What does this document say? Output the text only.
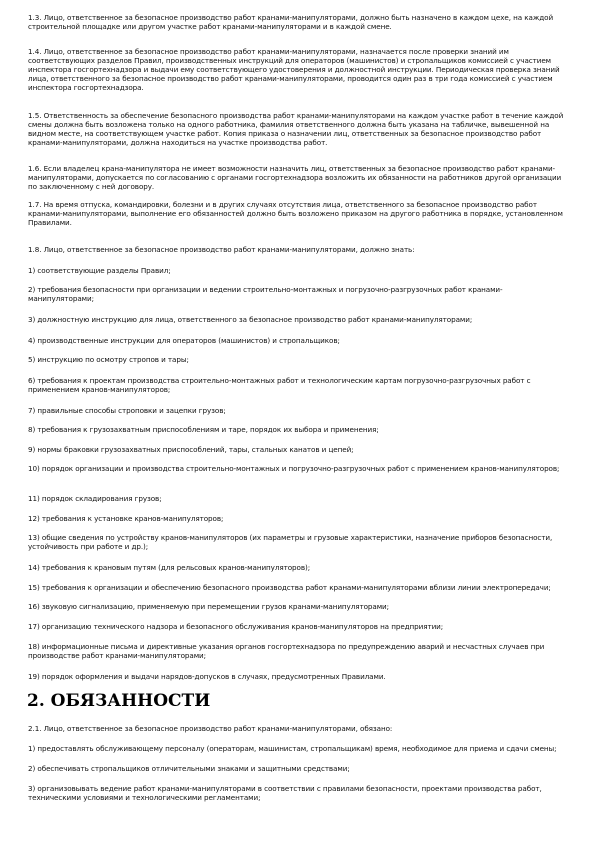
1.3. Лицо, ответственное за безопасное производство работ кранами-манипуляторами, должно быть назначено в каждом цехе, на каждой строительной площадке или другом участке работ кранами-манипуляторами и в каждой смене.

1.4. Лицо, ответственное за безопасное производство работ кранами-манипуляторами, назначается после проверки знаний им соответствующих разделов Правил, производственных инструкций для операторов (машинистов) и стропальщиков комиссией с участием инспектора госгортехнадзора и выдачи ему соответствующего удостоверения и должностной инструкции. Периодическая проверка знаний лица, ответственного за безопасное производство работ кранами-манипуляторами, проводится один раз в три года комиссией с участием инспектора госгортехнадзора.

1.5. Ответственность за обеспечение безопасного производства работ кранами-манипуляторами на каждом участке работ в течение каждой смены должна быть возложена только на одного работника, фамилия ответственного должна быть указана на табличке, вывешенной на видном месте, на соответствующем участке работ. Копия приказа о назначении лиц, ответственных за безопасное производство работ кранами-манипуляторами, должна находиться на участке производства работ.

1.6. Если владелец крана-манипулятора не имеет возможности назначить лиц, ответственных за безопасное производство работ кранами-манипуляторами, допускается по согласованию с органами госгортехнадзора возложить их обязанности на работников другой организации по заключенному с ней договору.

1.7. На время отпуска, командировки, болезни и в других случаях отсутствия лица, ответственного за безопасное производство работ кранами-манипуляторами, выполнение его обязанностей должно быть возложено приказом на другого работника в порядке, установленном Правилами.

1.8. Лицо, ответственное за безопасное производство работ кранами-манипуляторами, должно знать:

1) соответствующие разделы Правил;

2) требования безопасности при организации и ведении строительно-монтажных и погрузочно-разгрузочных работ кранами-манипуляторами;

3) должностную инструкцию для лица, ответственного за безопасное производство работ кранами-манипуляторами;

4) производственные инструкции для операторов (машинистов) и стропальщиков;

5) инструкцию по осмотру стропов и тары;

6) требования к проектам производства строительно-монтажных работ и технологическим картам погрузочно-разгрузочных работ с применением кранов-манипуляторов;

7) правильные способы строповки и зацепки грузов;

8) требования к грузозахватным приспособлениям и таре, порядок их выбора и применения;

9) нормы браковки грузозахватных приспособлений, тары, стальных канатов и цепей;

10) порядок организации и производства строительно-монтажных и погрузочно-разгрузочных работ с применением кранов-манипуляторов;

11) порядок складирования грузов;

12) требования к установке кранов-манипуляторов;

13) общие сведения по устройству кранов-манипуляторов (их параметры и грузовые характеристики, назначение приборов безопасности, устойчивость при работе и др.);

14) требования к крановым путям (для рельсовых кранов-манипуляторов);

15) требования к организации и обеспечению безопасного производства работ кранами-манипуляторами вблизи линии электропередачи;

16) звуковую сигнализацию, применяемую при перемещении грузов кранами-манипуляторами;

17) организацию технического надзора и безопасного обслуживания кранов-манипуляторов на предприятии;

18) информационные письма и директивные указания органов госгортехнадзора по предупреждению аварий и несчастных случаев при производстве работ кранами-манипуляторами;

19) порядок оформления и выдачи нарядов-допусков в случаях, предусмотренных Правилами.

2. ОБЯЗАННОСТИ

2.1. Лицо, ответственное за безопасное производство работ кранами-манипуляторами, обязано:

1) предоставлять обслуживающему персоналу (операторам, машинистам, стропальщикам) время, необходимое для приема и сдачи смены;

2) обеспечивать стропальщиков отличительными знаками и защитными средствами;

3) организовывать ведение работ кранами-манипуляторами в соответствии с правилами безопасности, проектами производства работ, техническими условиями и технологическими регламентами;
